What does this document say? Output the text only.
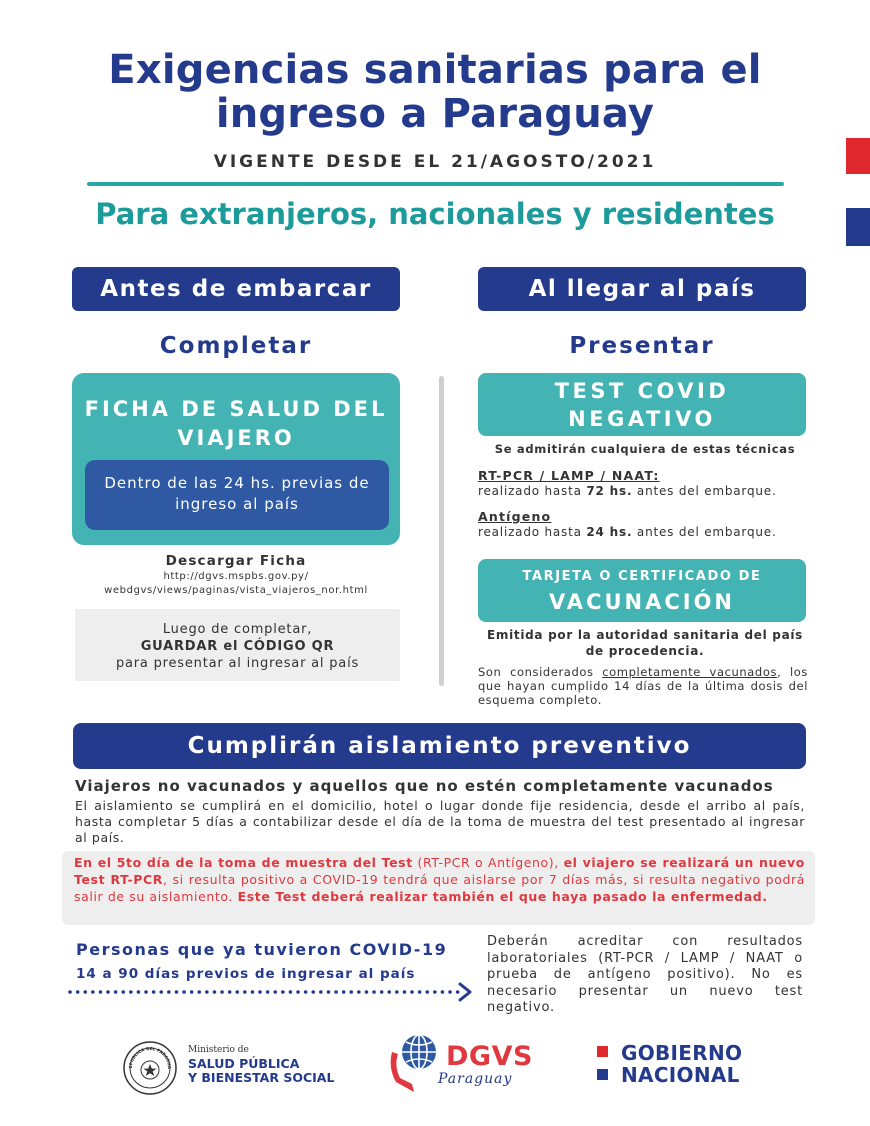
Exigencias sanitarias para el ingreso a Paraguay
VIGENTE DESDE EL 21/AGOSTO/2021
Para extranjeros, nacionales y residentes
Antes de embarcar	Al llegar al país
Completar	Presentar
FICHA DE SALUD DEL VIAJERO
Dentro de las 24 hs. previas de ingreso al país
Descargar Ficha
http://dgvs.mspbs.gov.py/ webdgvs/views/paginas/vista_viajeros_nor.html
Luego de completar,
GUARDAR el CÓDIGO QR
para presentar al ingresar al país
TEST COVID NEGATIVO
Se admitirán cualquiera de estas técnicas
RT-PCR / LAMP / NAAT:
realizado hasta 72 hs. antes del embarque.
Antígeno
realizado hasta 24 hs. antes del embarque.
TARJETA O CERTIFICADO DE
VACUNACIÓN
Emitida por la autoridad sanitaria del país de procedencia.
Son considerados completamente vacunados, los que hayan cumplido 14 días de la última dosis del esquema completo.
Cumplirán aislamiento preventivo
Viajeros no vacunados y aquellos que no estén completamente vacunados
El aislamiento se cumplirá en el domicilio, hotel o lugar donde fije residencia, desde el arribo al país, hasta completar 5 días a contabilizar desde el día de la toma de muestra del test presentado al ingresar al país.
En el 5to día de la toma de muestra del Test (RT-PCR o Antígeno), el viajero se realizará un nuevo Test RT-PCR, si resulta positivo a COVID-19 tendrá que aislarse por 7 días más, si resulta negativo podrá salir de su aislamiento. Este Test deberá realizar también el que haya pasado la enfermedad.
Personas que ya tuvieron COVID-19
14 a 90 días previos de ingresar al país
Deberán acreditar con resultados laboratoriales (RT-PCR / LAMP / NAAT o prueba de antígeno positivo). No es necesario presentar un nuevo test negativo.
EPÚBLICA DEL PARAGUA
Ministerio de
SALUD PÚBLICA
Y BIENESTAR SOCIAL
DGVS
Paraguay
GOBIERNO
NACIONAL
